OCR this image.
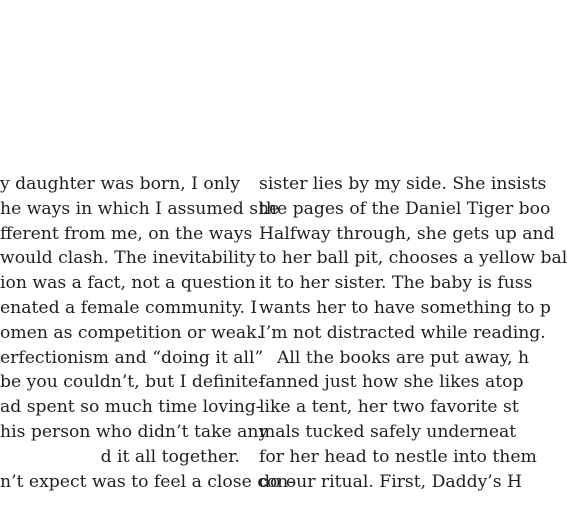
y daughter was born, I only
he ways in which I assumed she
fferent from me, on the ways
would clash. The inevitability
ion was a fact, not a question
enated a female community. I
omen as competition or weak.
erfectionism and “doing it all”
be you couldn’t, but I definite-
ad spent so much time loving-
his person who didn’t take any
d it all together.
n’t expect was to feel a close con-
sister lies by my side. She insists
the pages of the Daniel Tiger boo
Halfway through, she gets up and
to her ball pit, chooses a yellow bal
it to her sister. The baby is fuss
wants her to have something to p
I’m not distracted while reading.
All the books are put away, h
fanned just how she likes atop
like a tent, her two favorite st
mals tucked safely underneat
for her head to nestle into them
do our ritual. First, Daddy’s H
